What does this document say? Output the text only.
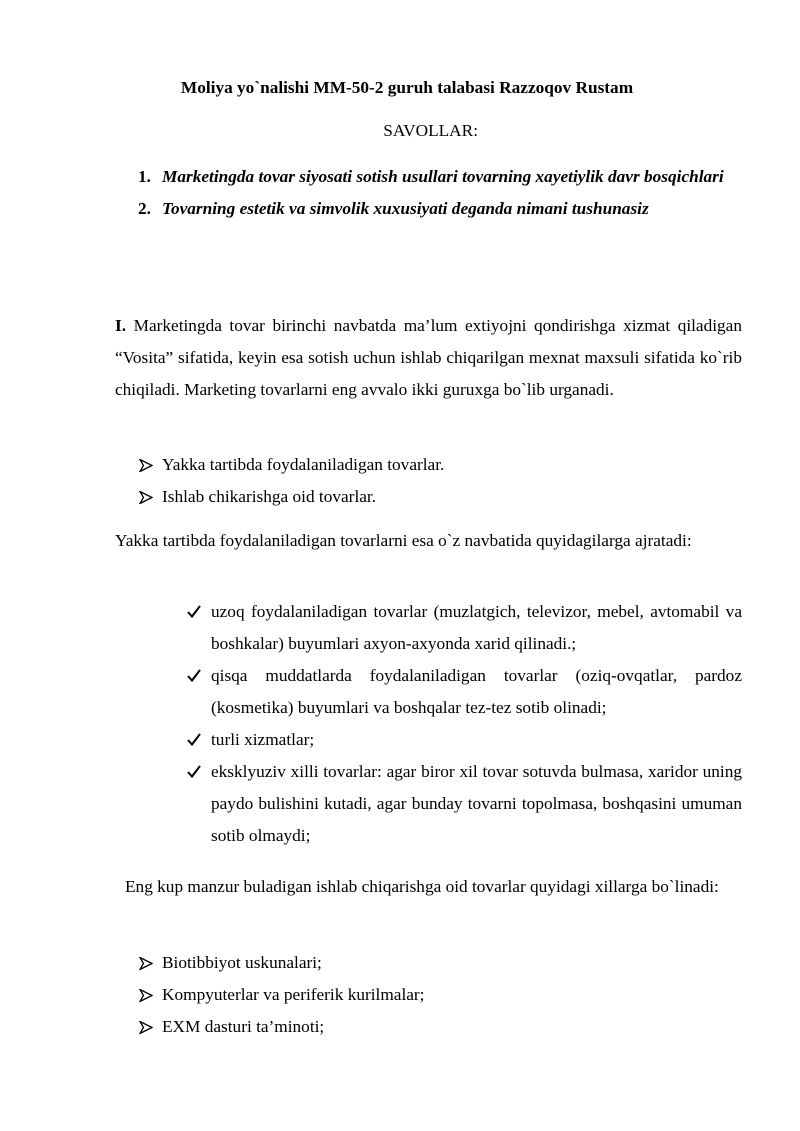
Moliya yo`nalishi MM-50-2 guruh talabasi Razzoqov Rustam
SAVOLLAR:
1. Marketingda tovar siyosati sotish usullari tovarning xayetiylik davr bosqichlari
2. Tovarning estetik va simvolik xuxusiyati deganda nimani tushunasiz

I. Marketingda tovar birinchi navbatda ma’lum extiyojni qondirishga xizmat qiladigan “Vosita” sifatida, keyin esa sotish uchun ishlab chiqarilgan mexnat maxsuli sifatida ko`rib chiqiladi. Marketing tovarlarni eng avvalo ikki guruxga bo`lib urganadi.

Yakka tartibda foydalaniladigan tovarlar.
Ishlab chikarishga oid tovarlar.

Yakka tartibda foydalaniladigan tovarlarni esa o`z navbatida quyidagilarga ajratadi:

uzoq foydalaniladigan tovarlar (muzlatgich, televizor, mebel, avtomabil va boshkalar) buyumlari axyon-axyonda xarid qilinadi.;
qisqa muddatlarda foydalaniladigan tovarlar (oziq-ovqatlar, pardoz (kosmetika) buyumlari va boshqalar tez-tez sotib olinadi;
turli xizmatlar;
eksklyuziv xilli tovarlar: agar biror xil tovar sotuvda bulmasa, xaridor uning paydo bulishini kutadi, agar bunday tovarni topolmasa, boshqasini umuman sotib olmaydi;

Eng kup manzur buladigan ishlab chiqarishga oid tovarlar quyidagi xillarga bo`linadi:

Biotibbiyot uskunalari;
Kompyuterlar va periferik kurilmalar;
EXM dasturi ta’minoti;
